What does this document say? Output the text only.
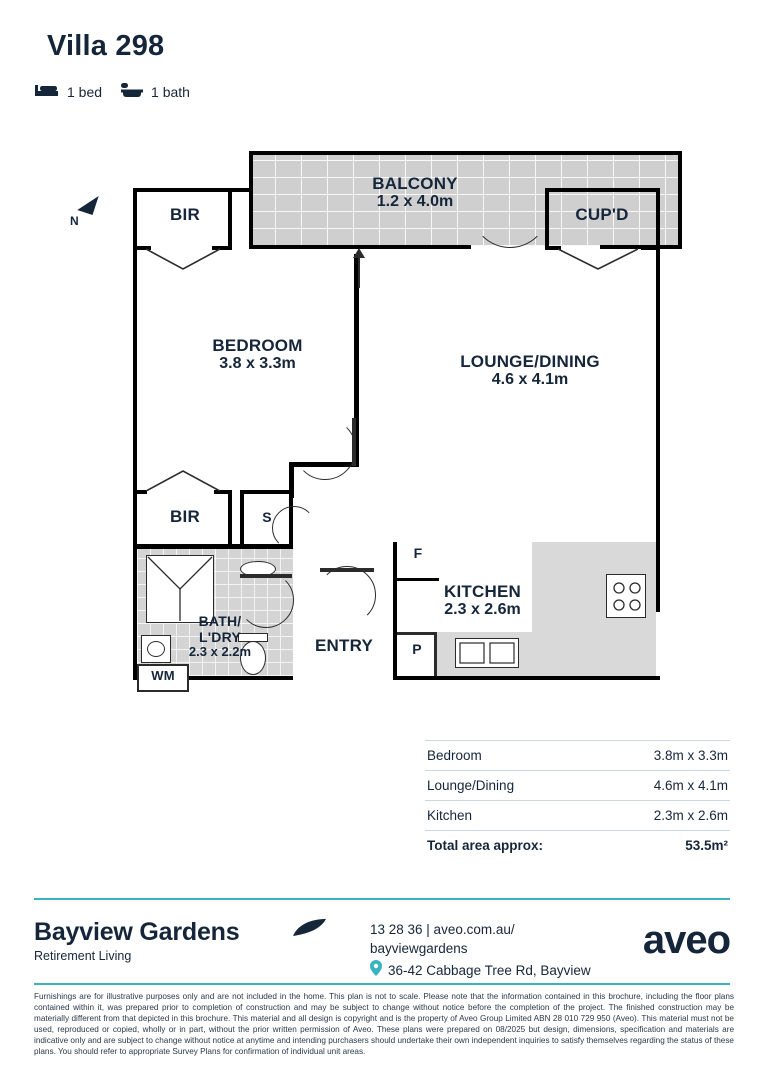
Villa 298
1 bed	1 bath
N
BALCONY
1.2 x 4.0m
BIR	CUP'D
BEDROOM
3.8 x 3.3m	LOUNGE/DINING
4.6 x 4.1m
BIR	S
WM
BATH/
L'DRY
2.3 x 2.2m	ENTRY
F
P
KITCHEN
2.3 x 2.6m
Bedroom	3.8m x 3.3m
Lounge/Dining	4.6m x 4.1m
Kitchen	2.3m x 2.6m
Total area approx:	53.5m²
Bayview Gardens
Retirement Living
13 28 36 | aveo.com.au/
bayviewgardens
36-42 Cabbage Tree Rd, Bayview
aveo
Furnishings are for illustrative purposes only and are not included in the home. This plan is not to scale. Please note that the information contained in this brochure, including the floor plans contained within it, was prepared prior to completion of construction and may be subject to change without notice before the completion of the project. The finished construction may be materially different from that depicted in this brochure. This material and all design is copyright and is the property of Aveo Group Limited ABN 28 010 729 950 (Aveo). This material must not be used, reproduced or copied, wholly or in part, without the prior written permission of Aveo. These plans were prepared on 08/2025 but design, dimensions, specification and materials are indicative only and are subject to change without notice at anytime and intending purchasers should undertake their own independent inquiries to satisfy themselves regarding the status of these plans. You should refer to appropriate Survey Plans for confirmation of individual unit areas.
